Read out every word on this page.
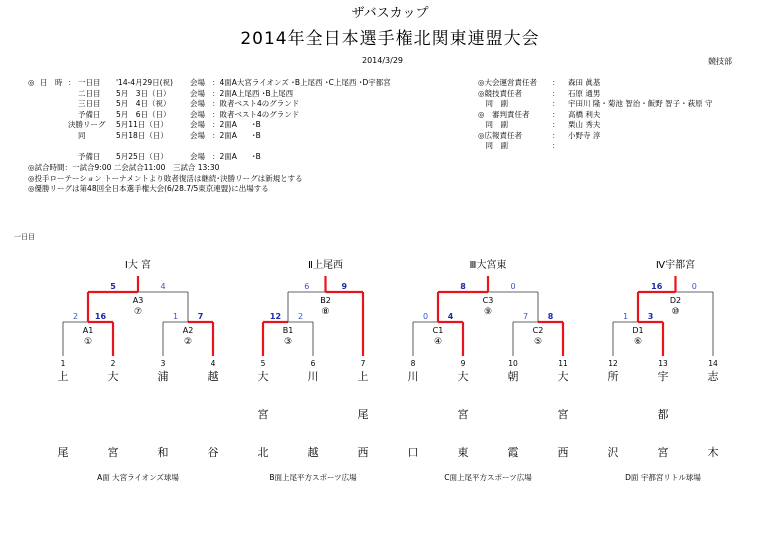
ザバスカップ
2014年全日本選手権北関東連盟大会
2014/3/29	競技部
◎ 日　時 ： 一日目 '14-4月29日(祝) 会場 ：4面A大宮ライオンズ ･B上尾西 ･C上尾西 ･D宇都宮
二日目 5月　3日（日）	会場 ：2面A上尾西 ･B上尾西
三日目 5月　4日（祝）	会場 ：敗者ベスト4のグランド
予備日 5月　6日（日）	会場 ：敗者ベスト4のグランド
決勝リーグ 5月11日（日）	会場 ：2面A　　･B
同	5月18日（日）	会場 ：2面A　　･B
予備日 5月25日（日）	会場 ：2面A　　･B
◎大会運営責任者 ： 森田 眞基
◎競技責任者	： 石原 通男
　同　副	： 宇田川 隆・菊池 智治・飯野 智子・萩原 守
◎　審判責任者	： 高橋 利夫
　同　副	： 栗山 秀夫
◎広報責任者	： 小野寺 淳
　同　副	：
◎試合時間：一試合9:00 二会試合11:00　三試合 13:30
◎投手ローテーション トーナメントより敗者復活は継続･決勝リーグは新規とする
◎優勝リーグは第48回全日本選手権大会(6/28.7/5東京連盟)に出場する
一日目
A1
①
2 16
A2
②
1 7
A3
⑦
5	4
Ⅰ大 宮
1
上
尾
2
大
宮
3
浦
和
4
越
谷
A面 大宮ライオンズ球場
B1
③
12 2
B2
⑧
6	9
Ⅱ上尾西
5
大
宮
北
6
川
越
7
上
尾
西
B面上尾平方スポーツ広場
C1
④
0 4
C2
⑤
7 8
C3
⑨
8	0
Ⅲ大宮東
8
川
口
9
大
宮
東
10
朝
霞
11
大
宮
西
C面上尾平方スポーツ広場
D1
⑥
1 3
D2
⑩
16	0
Ⅳ宇都宮
12
所
沢
13
宇
都
宮
14
志
木
D面 宇都宮リトル球場
